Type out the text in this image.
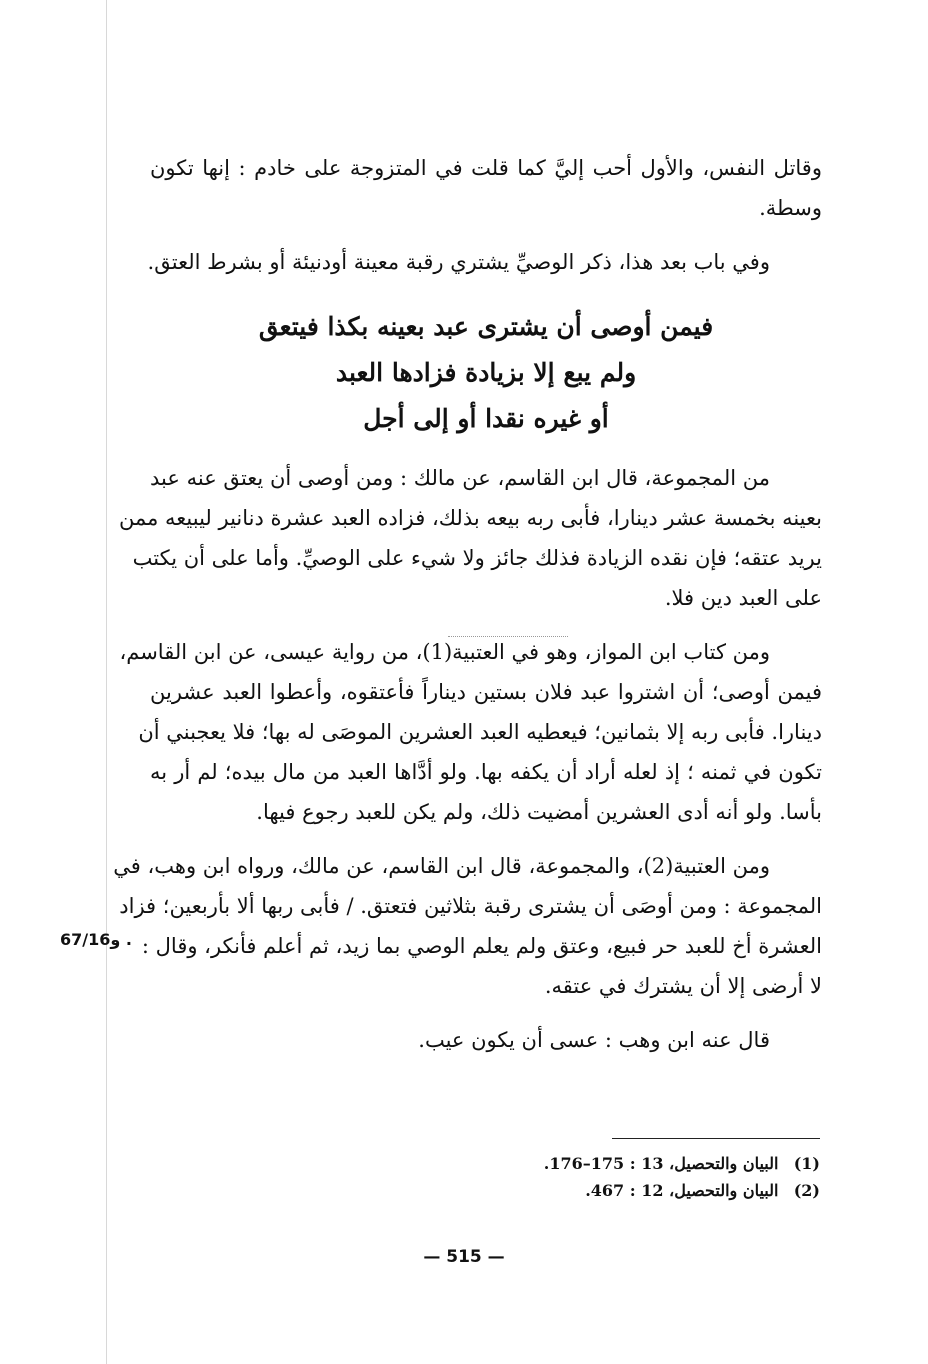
وقاتل النفس، والأول أحب إليَّ كما قلت في المتزوجة على خادم : إنها تكون
وسطة.
وفي باب بعد هذا، ذكر الوصيِّ يشتري رقبة معينة أودنيئة أو بشرط العتق.
فيمن أوصى أن يشترى عبد بعينه بكذا فيتعق
ولم يبع إلا بزيادة فزادها العبد
أو غيره نقدا أو إلى أجل
من المجموعة، قال ابن القاسم، عن مالك : ومن أوصى أن يعتق عنه عبد
بعينه بخمسة عشر دينارا، فأبى ربه بيعه بذلك، فزاده العبد عشرة دنانير ليبيعه ممن
يريد عتقه؛ فإن نقده الزيادة فذلك جائز ولا شيء على الوصيِّ. وأما على أن يكتب
على العبد دين فلا.
ومن كتاب ابن المواز، وهو في العتبية(1)، من رواية عيسى، عن ابن القاسم،
فيمن أوصى؛ أن اشتروا عبد فلان بستين ديناراً فأعتقوه، وأعطوا العبد عشرين
دينارا. فأبى ربه إلا بثمانين؛ فيعطيه العبد العشرين الموصَى له بها؛ فلا يعجبني أن
تكون في ثمنه ؛ إذ لعله أراد أن يكفه بها. ولو أدَّاها العبد من مال بيده؛ لم أر به
بأسا. ولو أنه أدى العشرين أمضيت ذلك، ولم يكن للعبد رجوع فيها.
ومن العتبية(2)، والمجموعة، قال ابن القاسم، عن مالك، ورواه ابن وهب، في
المجموعة : ومن أوصَى أن يشترى رقبة بثلاثين فتعتق. / فأبى ربها ألا بأربعين؛ فزاد
العشرة أخ للعبد حر فبيع، وعتق ولم يعلم الوصي بما زيد، ثم أعلم فأنكر، وقال :
لا أرضى إلا أن يشترك في عتقه.
قال عنه ابن وهب : عسى أن يكون عيب.
67/16و .
(1) البيان والتحصيل، 13 : 175–176.
(2) البيان والتحصيل، 12 : 467.
— 515 —
